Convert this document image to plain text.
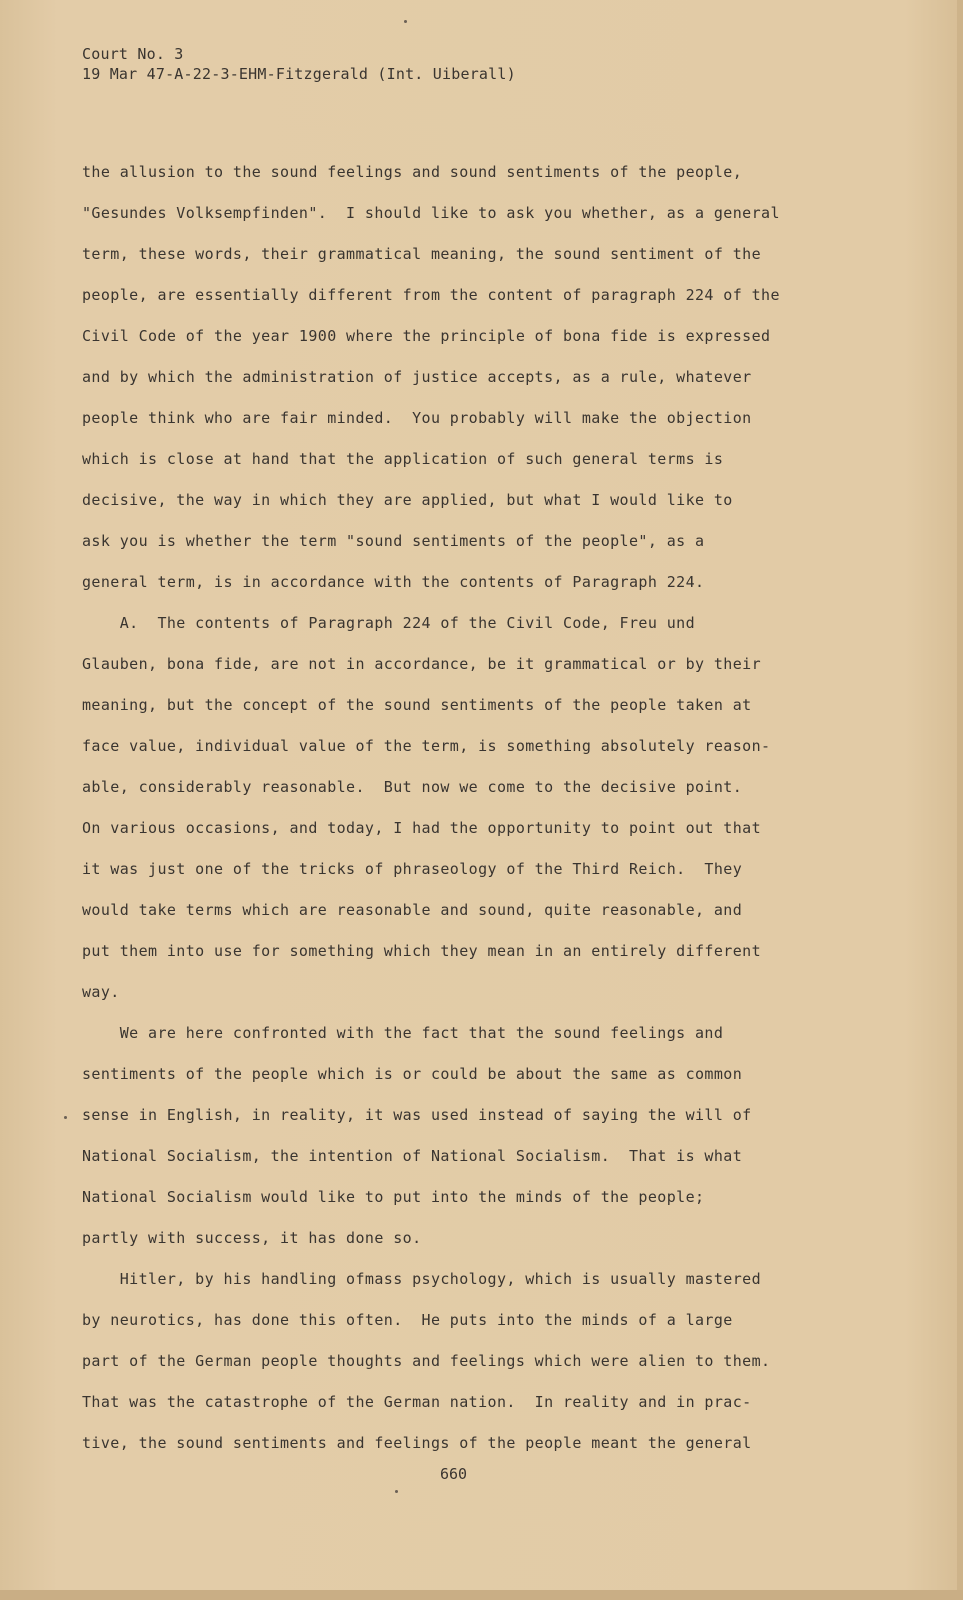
Court No. 3
19 Mar 47-A-22-3-EHM-Fitzgerald (Int. Uiberall)
the allusion to the sound feelings and sound sentiments of the people,
"Gesundes Volksempfinden".  I should like to ask you whether, as a general
term, these words, their grammatical meaning, the sound sentiment of the
people, are essentially different from the content of paragraph 224 of the
Civil Code of the year 1900 where the principle of bona fide is expressed
and by which the administration of justice accepts, as a rule, whatever
people think who are fair minded.  You probably will make the objection
which is close at hand that the application of such general terms is
decisive, the way in which they are applied, but what I would like to
ask you is whether the term "sound sentiments of the people", as a
general term, is in accordance with the contents of Paragraph 224.
A.  The contents of Paragraph 224 of the Civil Code, Freu und
Glauben, bona fide, are not in accordance, be it grammatical or by their
meaning, but the concept of the sound sentiments of the people taken at
face value, individual value of the term, is something absolutely reason-
able, considerably reasonable.  But now we come to the decisive point.
On various occasions, and today, I had the opportunity to point out that
it was just one of the tricks of phraseology of the Third Reich.  They
would take terms which are reasonable and sound, quite reasonable, and
put them into use for something which they mean in an entirely different
way.
We are here confronted with the fact that the sound feelings and
sentiments of the people which is or could be about the same as common
sense in English, in reality, it was used instead of saying the will of
National Socialism, the intention of National Socialism.  That is what
National Socialism would like to put into the minds of the people;
partly with success, it has done so.
Hitler, by his handling ofmass psychology, which is usually mastered
by neurotics, has done this often.  He puts into the minds of a large
part of the German people thoughts and feelings which were alien to them.
That was the catastrophe of the German nation.  In reality and in prac-
tive, the sound sentiments and feelings of the people meant the general
660
